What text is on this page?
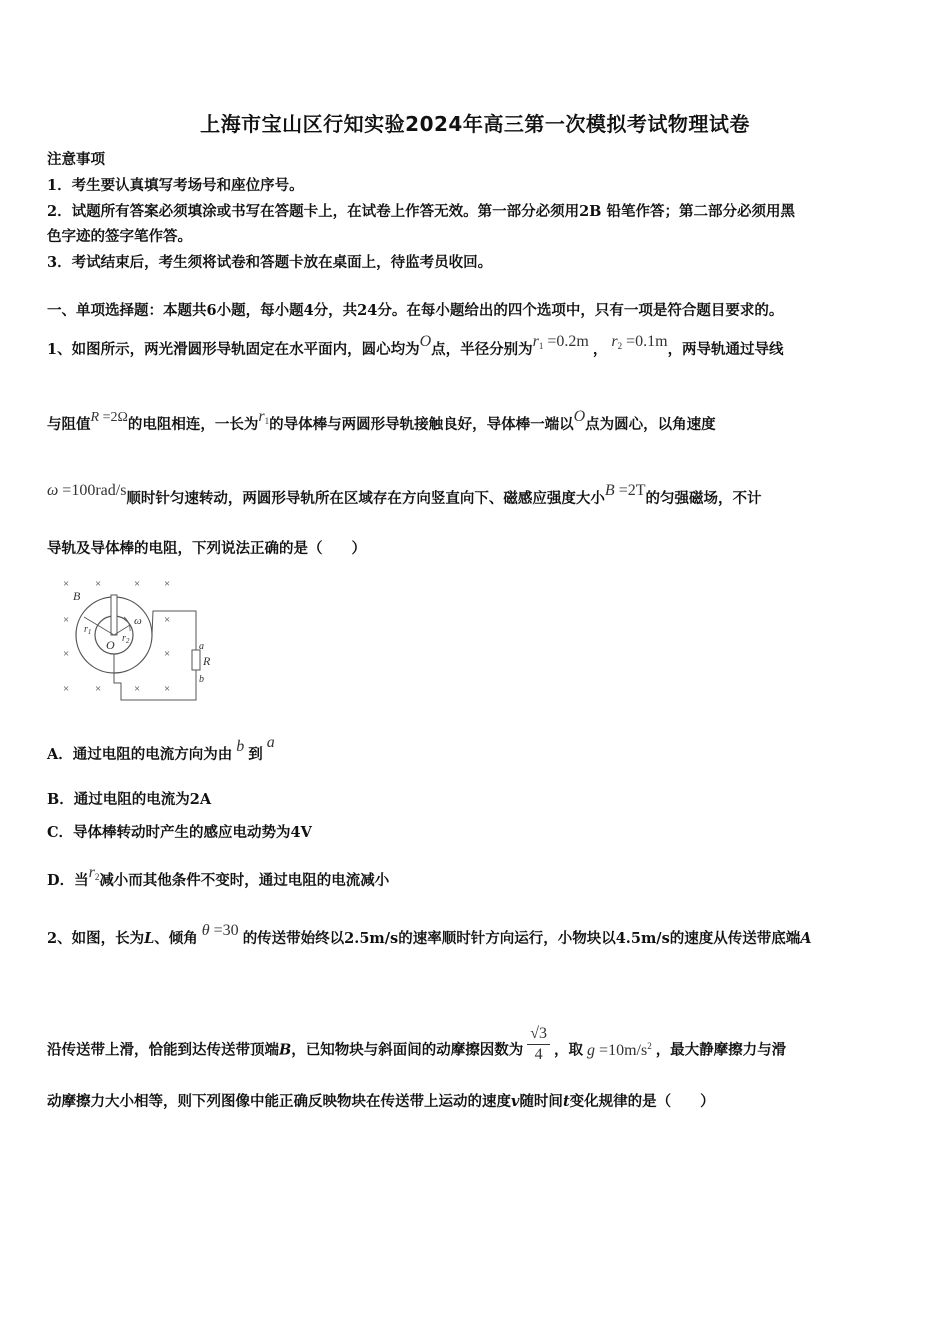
上海市宝山区行知实验2024年高三第一次模拟考试物理试卷
注意事项
1．考生要认真填写考场号和座位序号。
2．试题所有答案必须填涂或书写在答题卡上，在试卷上作答无效。第一部分必须用2B 铅笔作答；第二部分必须用黑
色字迹的签字笔作答。
3．考试结束后，考生须将试卷和答题卡放在桌面上，待监考员收回。
一、单项选择题：本题共6小题，每小题4分，共24分。在每小题给出的四个选项中，只有一项是符合题目要求的。
1、如图所示，两光滑圆形导轨固定在水平面内，圆心均为O点，半径分别为$r_1 =0.2m$ ， $r_2 =0.1m$，两导轨通过导线
与阻值R =2Ω的电阻相连，一长为$r_1$的导体棒与两圆形导轨接触良好，导体棒一端以O点为圆心，以角速度
ω =100rad/s顺时针匀速转动，两圆形导轨所在区域存在方向竖直向下、磁感应强度大小B =2T的匀强磁场，不计
导轨及导体棒的电阻，下列说法正确的是（　　）
× ×	× ×
×	×
×	×
× ×	× ×
B
$r_1$
$r_2$
O
ω
a
R
b
A．通过电阻的电流方向为由 b 到a
B．通过电阻的电流为2A
C．导体棒转动时产生的感应电动势为4V
D．当$r_2$减小而其他条件不变时，通过电阻的电流减小
2、如图，长为L、倾角 θ =30 的传送带始终以2.5m/s的速率顺时针方向运行，小物块以4.5m/s的速度从传送带底端A
沿传送带上滑，恰能到达传送带顶端B，已知物块与斜面间的动摩擦因数为 $\frac{√3}{4}$ ，取 $g =10m/s^2$ ，最大静摩擦力与滑
动摩擦力大小相等，则下列图像中能正确反映物块在传送带上运动的速度v随时间t变化规律的是（　　）
